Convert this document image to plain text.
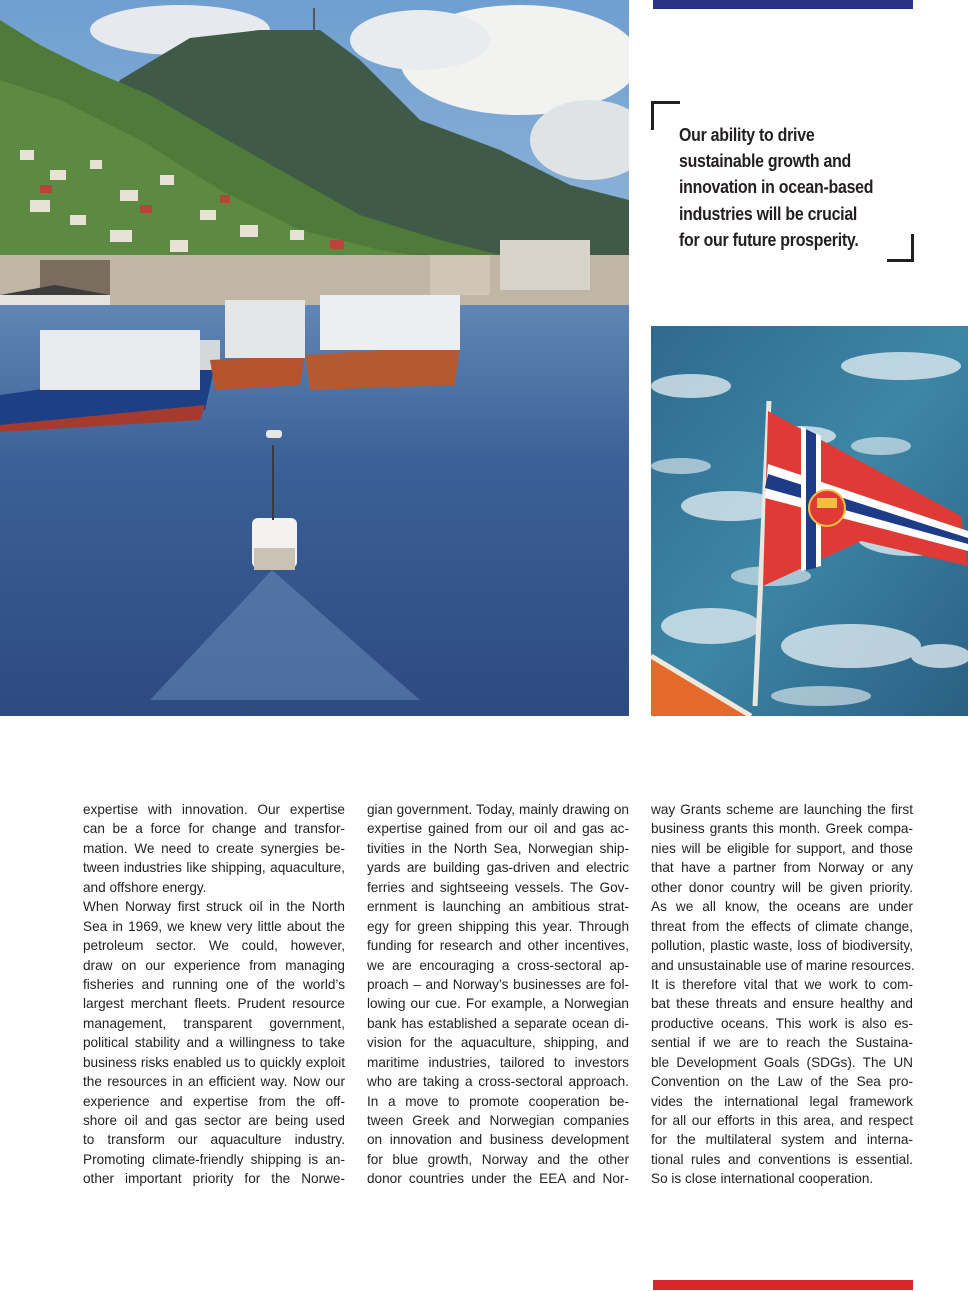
Our ability to drive
sustainable growth and
innovation in ocean-based
industries will be crucial
for our future prosperity.

expertise with innovation. Our expertise
can be a force for change and transfor-
mation. We need to create synergies be-
tween industries like shipping, aquaculture,
and offshore energy.
When Norway first struck oil in the North
Sea in 1969, we knew very little about the
petroleum sector. We could, however,
draw on our experience from managing
fisheries and running one of the world’s
largest merchant fleets. Prudent resource
management, transparent government,
political stability and a willingness to take
business risks enabled us to quickly exploit
the resources in an efficient way. Now our
experience and expertise from the off-
shore oil and gas sector are being used
to transform our aquaculture industry.
Promoting climate-friendly shipping is an-
other important priority for the Norwe-
gian government. Today, mainly drawing on
expertise gained from our oil and gas ac-
tivities in the North Sea, Norwegian ship-
yards are building gas-driven and electric
ferries and sightseeing vessels. The Gov-
ernment is launching an ambitious strat-
egy for green shipping this year. Through
funding for research and other incentives,
we are encouraging a cross-sectoral ap-
proach – and Norway’s businesses are fol-
lowing our cue. For example, a Norwegian
bank has established a separate ocean di-
vision for the aquaculture, shipping, and
maritime industries, tailored to investors
who are taking a cross-sectoral approach.
In a move to promote cooperation be-
tween Greek and Norwegian companies
on innovation and business development
for blue growth, Norway and the other
donor countries under the EEA and Nor-
way Grants scheme are launching the first
business grants this month. Greek compa-
nies will be eligible for support, and those
that have a partner from Norway or any
other donor country will be given priority.
As we all know, the oceans are under
threat from the effects of climate change,
pollution, plastic waste, loss of biodiversity,
and unsustainable use of marine resources.
It is therefore vital that we work to com-
bat these threats and ensure healthy and
productive oceans. This work is also es-
sential if we are to reach the Sustaina-
ble Development Goals (SDGs). The UN
Convention on the Law of the Sea pro-
vides the international legal framework
for all our efforts in this area, and respect
for the multilateral system and interna-
tional rules and conventions is essential.
So is close international cooperation.
